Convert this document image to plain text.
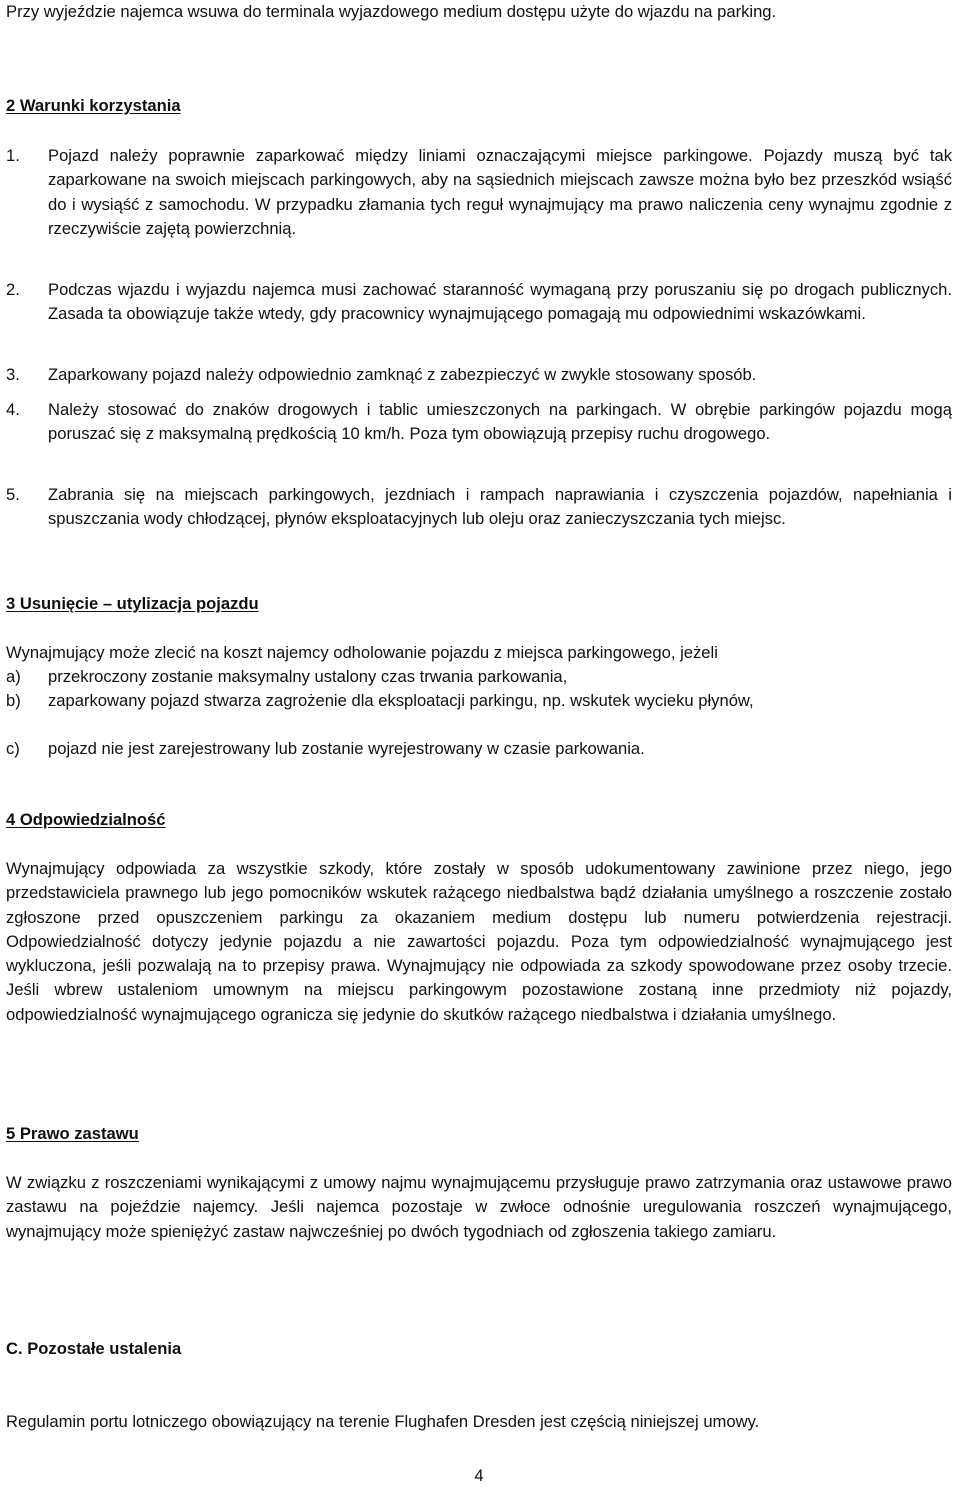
Przy wyjeździe najemca wsuwa do terminala wyjazdowego medium dostępu użyte do wjazdu na parking.
2 Warunki korzystania
1. Pojazd należy poprawnie zaparkować między liniami oznaczającymi miejsce parkingowe. Pojazdy muszą być tak zaparkowane na swoich miejscach parkingowych, aby na sąsiednich miejscach zawsze można było bez przeszkód wsiąść do i wysiąść z samochodu. W przypadku złamania tych reguł wynajmujący ma prawo naliczenia ceny wynajmu zgodnie z rzeczywiście zajętą powierzchnią.
2. Podczas wjazdu i wyjazdu najemca musi zachować staranność wymaganą przy poruszaniu się po drogach publicznych. Zasada ta obowiązuje także wtedy, gdy pracownicy wynajmującego pomagają mu odpowiednimi wskazówkami.
3. Zaparkowany pojazd należy odpowiednio zamknąć z zabezpieczyć w zwykle stosowany sposób.
4. Należy stosować do znaków drogowych i tablic umieszczonych na parkingach. W obrębie parkingów pojazdu mogą poruszać się z maksymalną prędkością 10 km/h. Poza tym obowiązują przepisy ruchu drogowego.
5. Zabrania się na miejscach parkingowych, jezdniach i rampach naprawiania i czyszczenia pojazdów, napełniania i spuszczania wody chłodzącej, płynów eksploatacyjnych lub oleju oraz zanieczyszczania tych miejsc.
3 Usunięcie – utylizacja pojazdu
Wynajmujący może zlecić na koszt najemcy odholowanie pojazdu z miejsca parkingowego, jeżeli
a) przekroczony zostanie maksymalny ustalony czas trwania parkowania,
b) zaparkowany pojazd stwarza zagrożenie dla eksploatacji parkingu, np. wskutek wycieku płynów,
c) pojazd nie jest zarejestrowany lub zostanie wyrejestrowany w czasie parkowania.
4 Odpowiedzialność
Wynajmujący odpowiada za wszystkie szkody, które zostały w sposób udokumentowany zawinione przez niego, jego przedstawiciela prawnego lub jego pomocników wskutek rażącego niedbalstwa bądź działania umyślnego a roszczenie zostało zgłoszone przed opuszczeniem parkingu za okazaniem medium dostępu lub numeru potwierdzenia rejestracji. Odpowiedzialność dotyczy jedynie pojazdu a nie zawartości pojazdu. Poza tym odpowiedzialność wynajmującego jest wykluczona, jeśli pozwalają na to przepisy prawa. Wynajmujący nie odpowiada za szkody spowodowane przez osoby trzecie. Jeśli wbrew ustaleniom umownym na miejscu parkingowym pozostawione zostaną inne przedmioty niż pojazdy, odpowiedzialność wynajmującego ogranicza się jedynie do skutków rażącego niedbalstwa i działania umyślnego.
5 Prawo zastawu
W związku z roszczeniami wynikającymi z umowy najmu wynajmującemu przysługuje prawo zatrzymania oraz ustawowe prawo zastawu na pojeździe najemcy. Jeśli najemca pozostaje w zwłoce odnośnie uregulowania roszczeń wynajmującego, wynajmujący może spieniężyć zastaw najwcześniej po dwóch tygodniach od zgłoszenia takiego zamiaru.
C. Pozostałe ustalenia
Regulamin portu lotniczego obowiązujący na terenie Flughafen Dresden jest częścią niniejszej umowy.
4
